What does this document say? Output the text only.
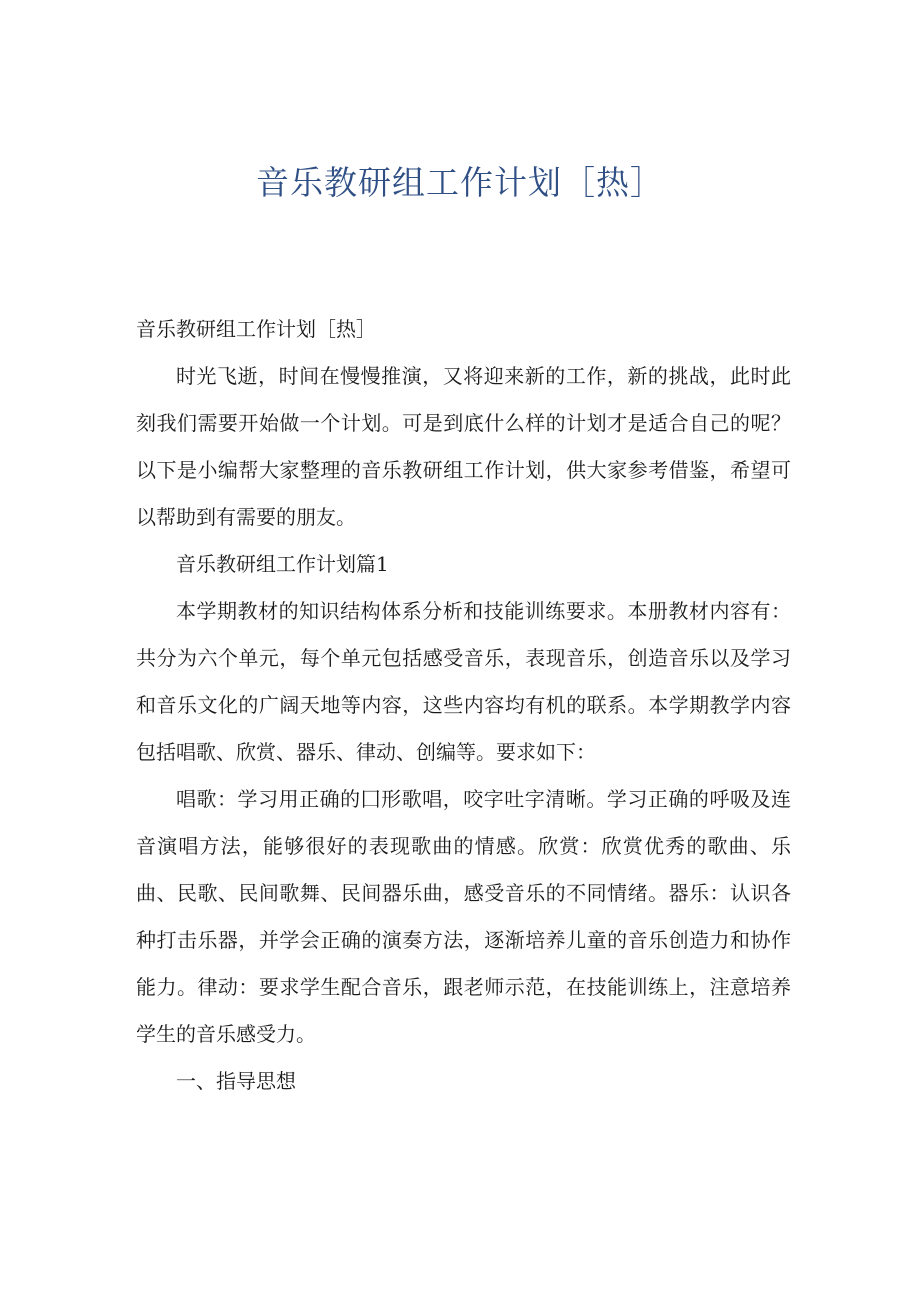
音乐教研组工作计划［热］

音乐教研组工作计划［热］

时光飞逝，时间在慢慢推演，又将迎来新的工作，新的挑战，此时此刻我们需要开始做一个计划。可是到底什么样的计划才是适合自己的呢？以下是小编帮大家整理的音乐教研组工作计划，供大家参考借鉴，希望可以帮助到有需要的朋友。

音乐教研组工作计划篇1

本学期教材的知识结构体系分析和技能训练要求。本册教材内容有：共分为六个单元，每个单元包括感受音乐，表现音乐，创造音乐以及学习和音乐文化的广阔天地等内容，这些内容均有机的联系。本学期教学内容包括唱歌、欣赏、器乐、律动、创编等。要求如下：

唱歌：学习用正确的囗形歌唱，咬字吐字清晰。学习正确的呼吸及连音演唱方法，能够很好的表现歌曲的情感。欣赏：欣赏优秀的歌曲、乐曲、民歌、民间歌舞、民间器乐曲，感受音乐的不同情绪。器乐：认识各种打击乐器，并学会正确的演奏方法，逐渐培养儿童的音乐创造力和协作能力。律动：要求学生配合音乐，跟老师示范，在技能训练上，注意培养学生的音乐感受力。

一、指导思想
